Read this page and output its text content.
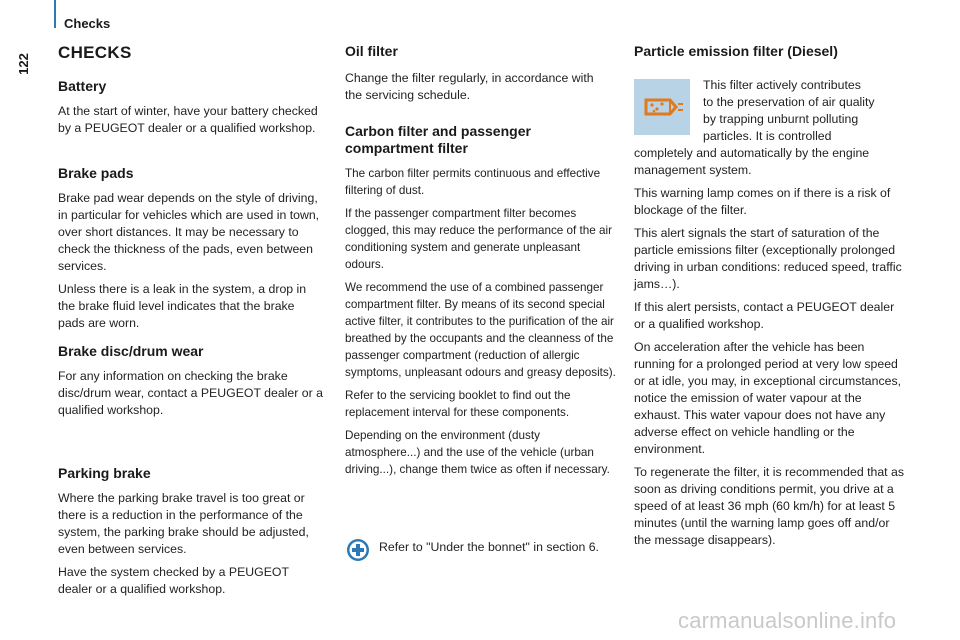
Checks
122
CHECKS
Battery

At the start of winter, have your battery checked by a PEUGEOT dealer or a qualified workshop.

Brake pads

Brake pad wear depends on the style of driving, in particular for vehicles which are used in town, over short distances. It may be necessary to check the thickness of the pads, even between services.

Unless there is a leak in the system, a drop in the brake fluid level indicates that the brake pads are worn.

Brake disc/drum wear

For any information on checking the brake disc/drum wear, contact a PEUGEOT dealer or a qualified workshop.

Parking brake

Where the parking brake travel is too great or there is a reduction in the performance of the system, the parking brake should be adjusted, even between services.

Have the system checked by a PEUGEOT dealer or a qualified workshop.

Oil filter

Change the filter regularly, in accordance with the servicing schedule.

Carbon filter and passenger compartment filter

The carbon filter permits continuous and effective filtering of dust.

If the passenger compartment filter becomes clogged, this may reduce the performance of the air conditioning system and generate unpleasant odours.

We recommend the use of a combined passenger compartment filter. By means of its second special active filter, it contributes to the purification of the air breathed by the occupants and the cleanness of the passenger compartment (reduction of allergic symptoms, unpleasant odours and greasy deposits).

Refer to the servicing booklet to find out the replacement interval for these components.

Depending on the environment (dusty atmosphere...) and the use of the vehicle (urban driving...), change them twice as often if necessary.

Refer to "Under the bonnet" in section 6.

Particle emission filter (Diesel)

This filter actively contributes

to the preservation of air quality

by trapping unburnt polluting

particles. It is controlled

completely and automatically by the engine management system.

This warning lamp comes on if there is a risk of blockage of the filter.

This alert signals the start of saturation of the particle emissions filter (exceptionally prolonged driving in urban conditions: reduced speed, traffic jams…).

If this alert persists, contact a PEUGEOT dealer or a qualified workshop.

On acceleration after the vehicle has been running for a prolonged period at very low speed or at idle, you may, in exceptional circumstances, notice the emission of water vapour at the exhaust. This water vapour does not have any adverse effect on vehicle handling or the environment.

To regenerate the filter, it is recommended that as soon as driving conditions permit, you drive at a speed of at least 36 mph (60 km/h) for at least 5 minutes (until the warning lamp goes off and/or the message disappears).

carmanualsonline.info
